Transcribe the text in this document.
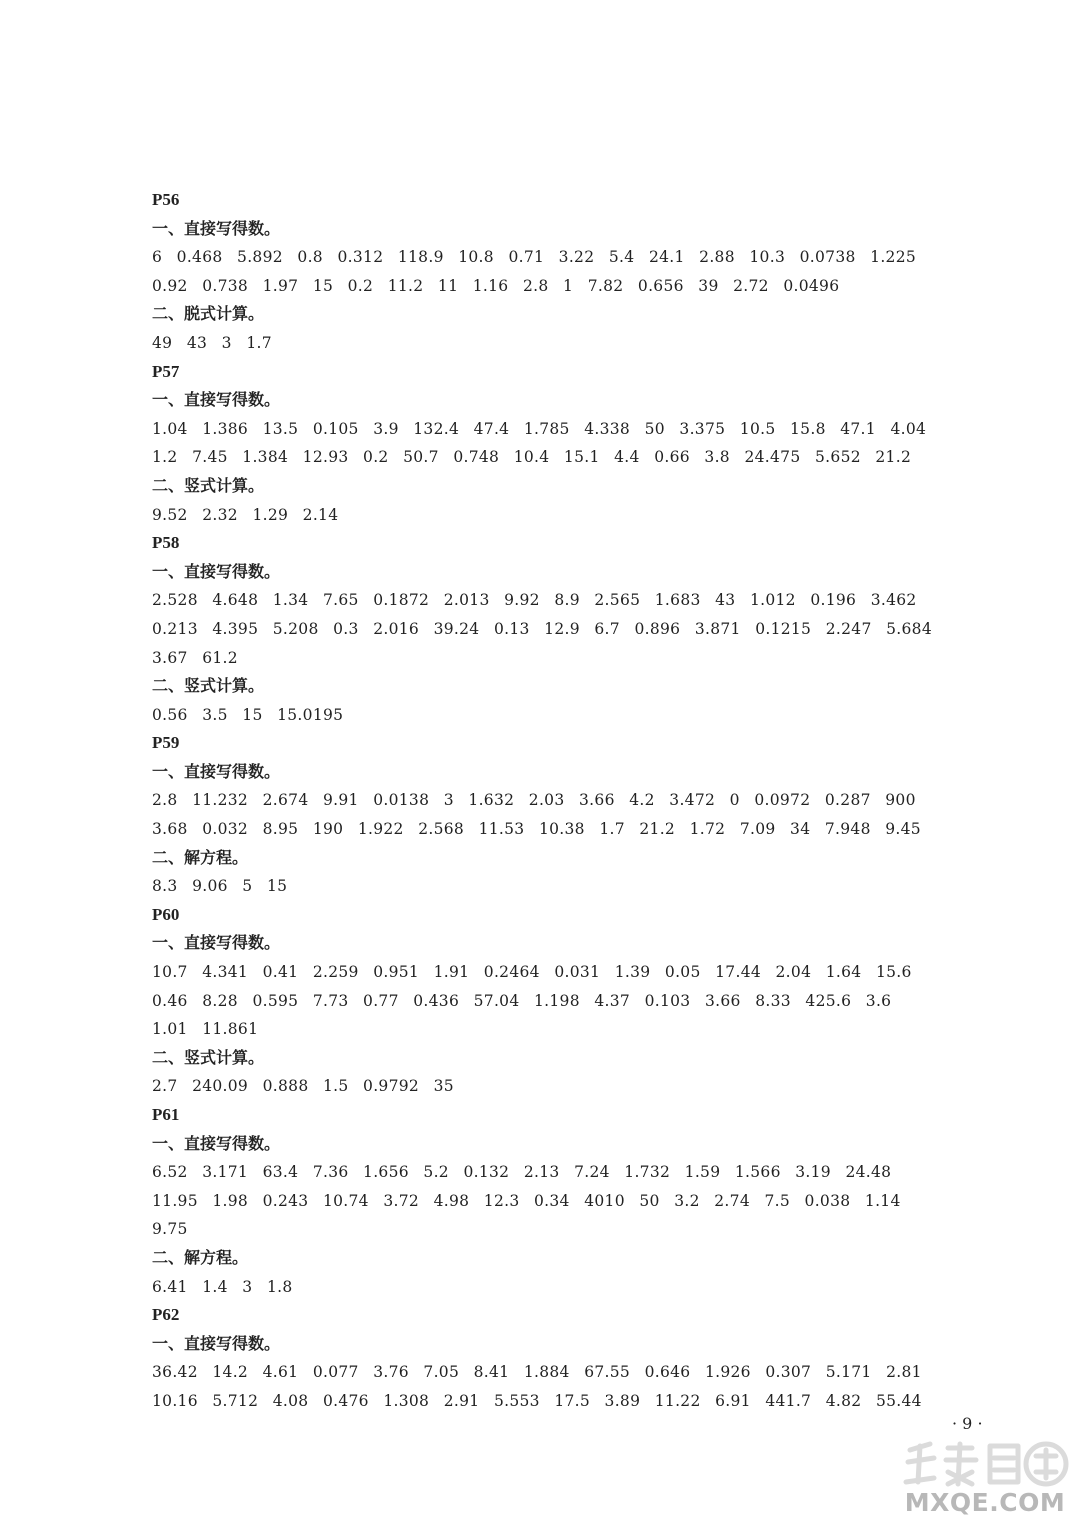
P56
一、直接写得数。
6 0.468 5.892 0.8 0.312 118.9 10.8 0.71 3.22 5.4 24.1 2.88 10.3 0.0738 1.225
0.92 0.738 1.97 15 0.2 11.2 11 1.16 2.8 1 7.82 0.656 39 2.72 0.0496
二、脱式计算。
49 43 3 1.7
P57
一、直接写得数。
1.04 1.386 13.5 0.105 3.9 132.4 47.4 1.785 4.338 50 3.375 10.5 15.8 47.1 4.04
1.2 7.45 1.384 12.93 0.2 50.7 0.748 10.4 15.1 4.4 0.66 3.8 24.475 5.652 21.2
二、竖式计算。
9.52 2.32 1.29 2.14
P58
一、直接写得数。
2.528 4.648 1.34 7.65 0.1872 2.013 9.92 8.9 2.565 1.683 43 1.012 0.196 3.462
0.213 4.395 5.208 0.3 2.016 39.24 0.13 12.9 6.7 0.896 3.871 0.1215 2.247 5.684
3.67 61.2
二、竖式计算。
0.56 3.5 15 15.0195
P59
一、直接写得数。
2.8 11.232 2.674 9.91 0.0138 3 1.632 2.03 3.66 4.2 3.472 0 0.0972 0.287 900
3.68 0.032 8.95 190 1.922 2.568 11.53 10.38 1.7 21.2 1.72 7.09 34 7.948 9.45
二、解方程。
8.3 9.06 5 15
P60
一、直接写得数。
10.7 4.341 0.41 2.259 0.951 1.91 0.2464 0.031 1.39 0.05 17.44 2.04 1.64 15.6
0.46 8.28 0.595 7.73 0.77 0.436 57.04 1.198 4.37 0.103 3.66 8.33 425.6 3.6
1.01 11.861
二、竖式计算。
2.7 240.09 0.888 1.5 0.9792 35
P61
一、直接写得数。
6.52 3.171 63.4 7.36 1.656 5.2 0.132 2.13 7.24 1.732 1.59 1.566 3.19 24.48
11.95 1.98 0.243 10.74 3.72 4.98 12.3 0.34 4010 50 3.2 2.74 7.5 0.038 1.14
9.75
二、解方程。
6.41 1.4 3 1.8
P62
一、直接写得数。
36.42 14.2 4.61 0.077 3.76 7.05 8.41 1.884 67.55 0.646 1.926 0.307 5.171 2.81
10.16 5.712 4.08 0.476 1.308 2.91 5.553 17.5 3.89 11.22 6.91 441.7 4.82 55.44
· 9 ·
MXQE.COM
